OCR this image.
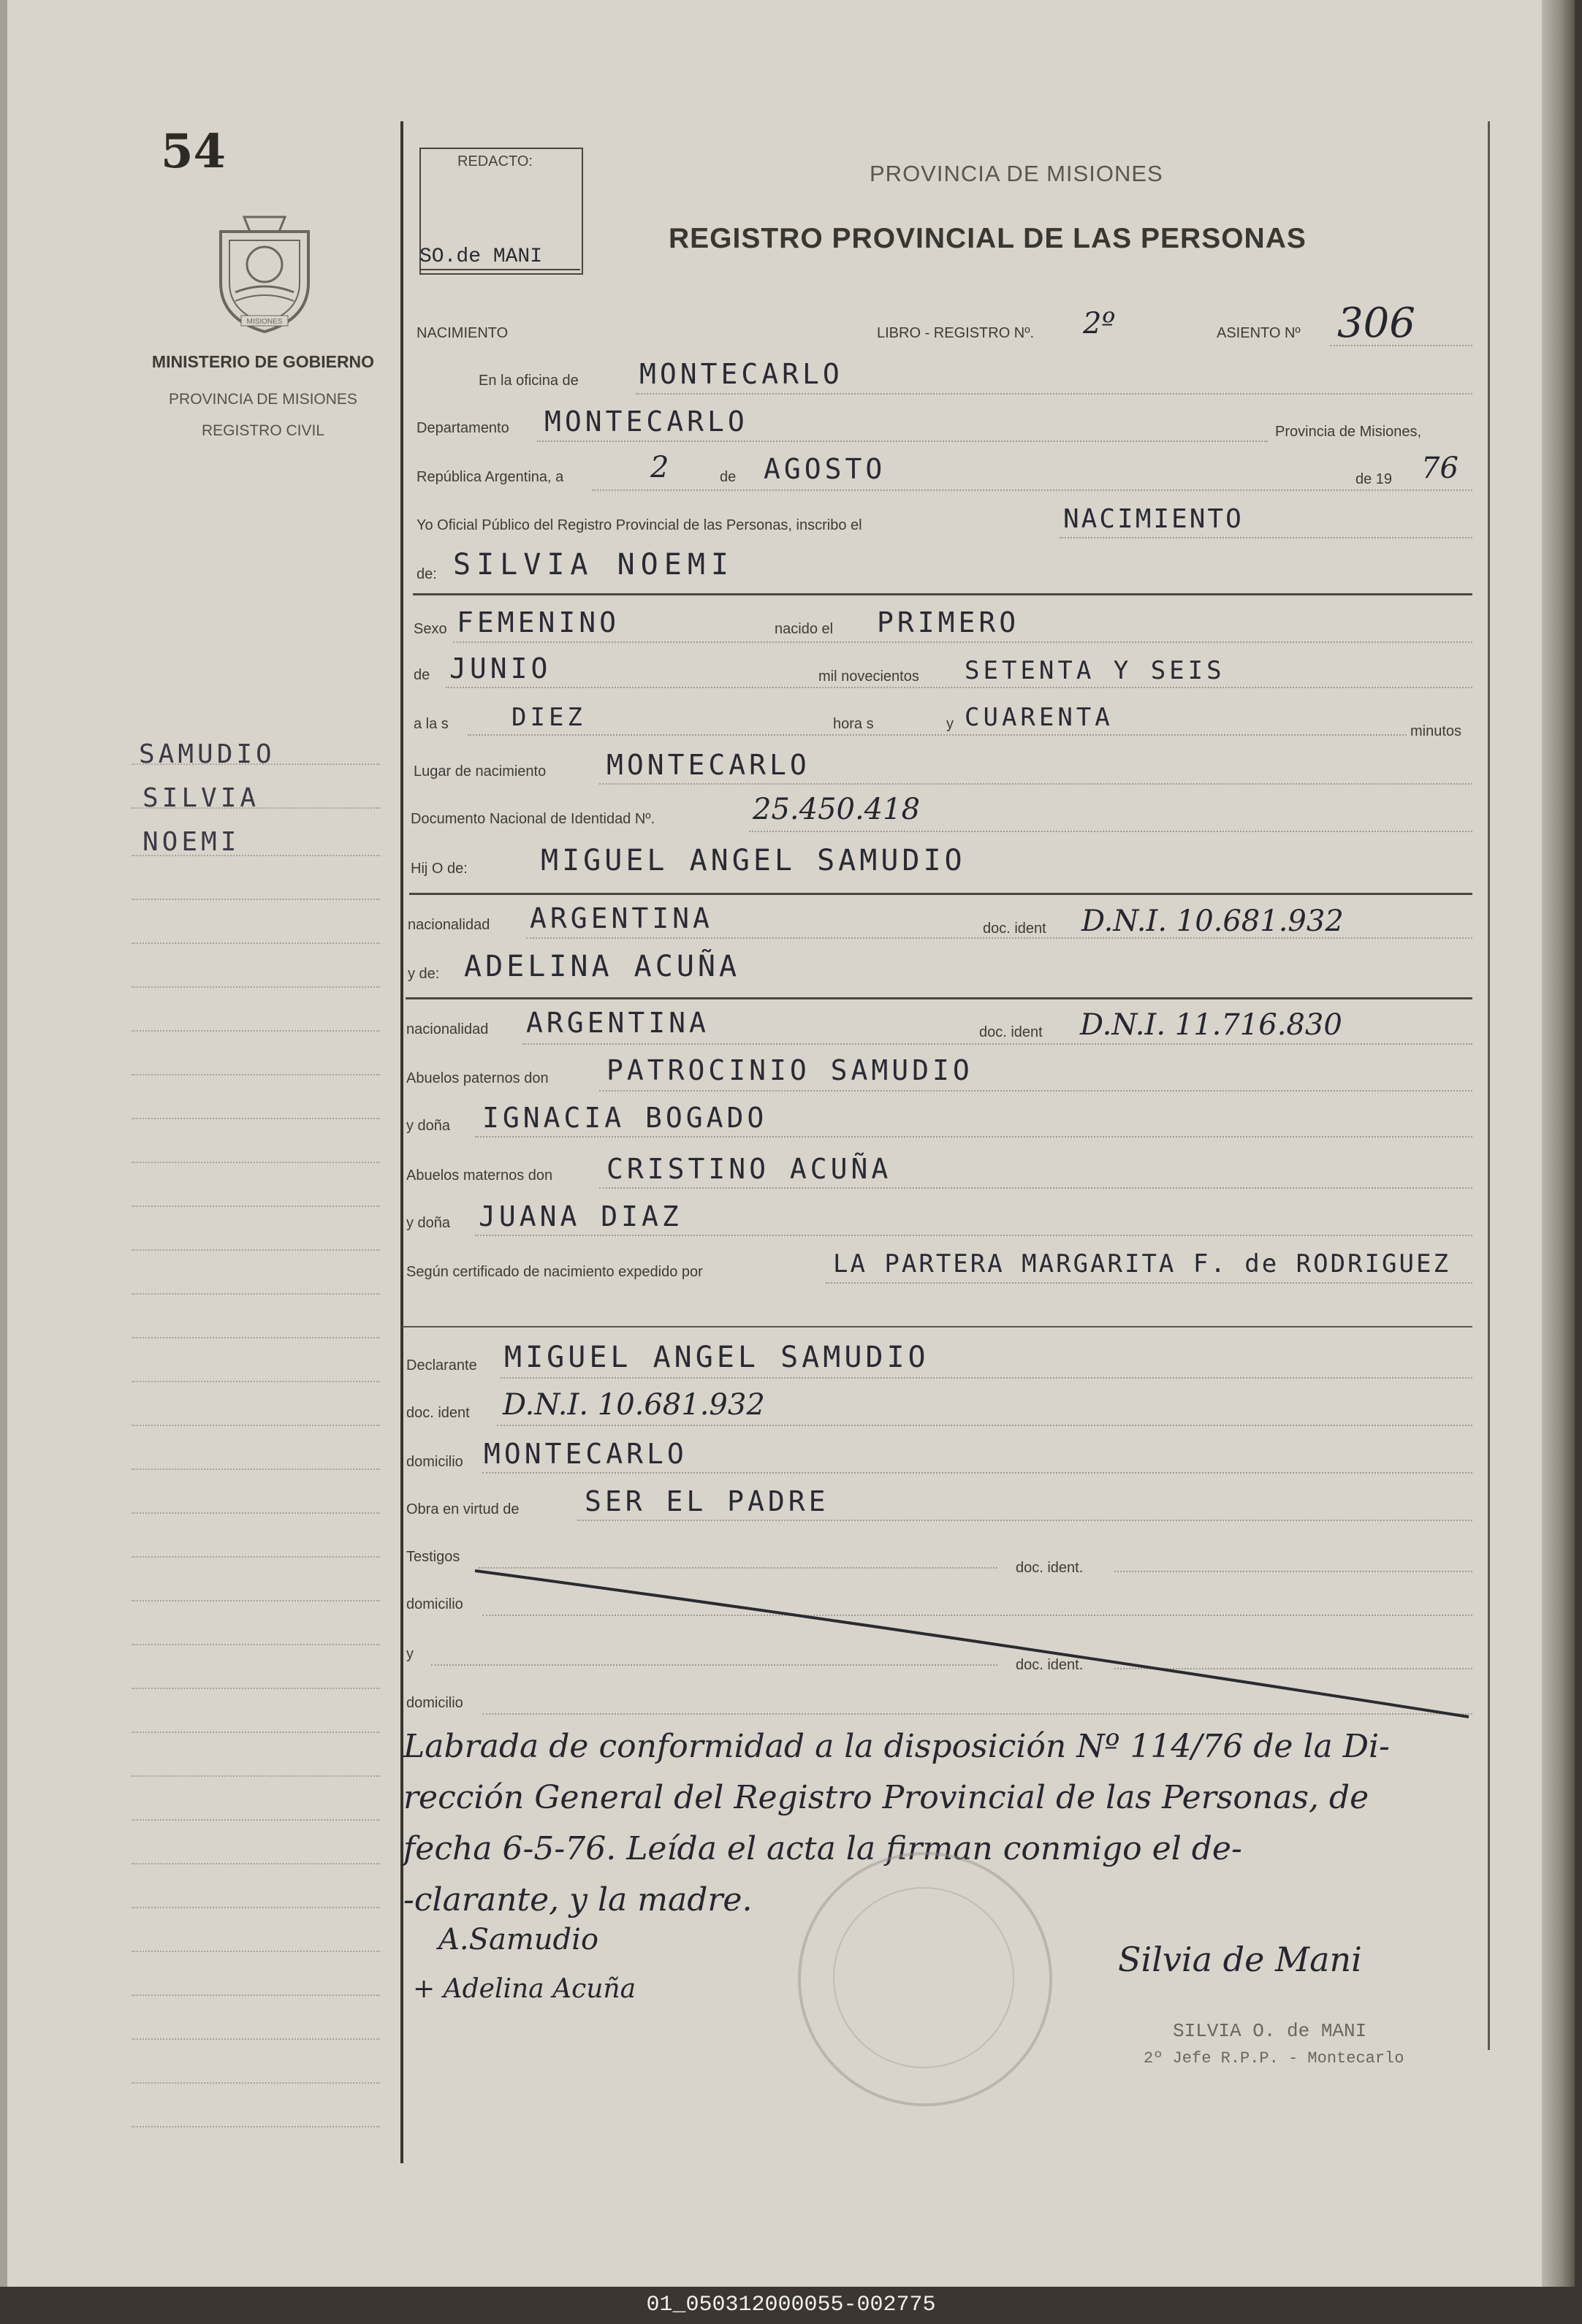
54
MISIONES
MINISTERIO DE GOBIERNO
PROVINCIA DE MISIONES
REGISTRO CIVIL
SAMUDIO
SILVIA
NOEMI
REDACTO:
SO.de MANI
PROVINCIA DE MISIONES
REGISTRO PROVINCIAL DE LAS PERSONAS
NACIMIENTO	LIBRO - REGISTRO Nº. 2º	ASIENTO Nº 306
En la oficina de MONTECARLO
Departamento MONTECARLO	Provincia de Misiones,
República Argentina, a	2	de AGOSTO	de 19 76
Yo Oficial Público del Registro Provincial de las Personas, inscribo el	NACIMIENTO
de: SILVIA NOEMI
Sexo FEMENINO	nacido el PRIMERO
de JUNIO	mil novecientos SETENTA Y SEIS
a la s	DIEZ	hora s	y CUARENTA	minutos
Lugar de nacimiento MONTECARLO
Documento Nacional de Identidad Nº.	25.450.418
Hij O de:	MIGUEL ANGEL SAMUDIO
nacionalidad ARGENTINA	doc. ident D.N.I. 10.681.932
y de: ADELINA ACUÑA
nacionalidad ARGENTINA	doc. ident D.N.I. 11.716.830
Abuelos paternos don PATROCINIO SAMUDIO
y doña IGNACIA BOGADO
Abuelos maternos don CRISTINO ACUÑA
y doña JUANA DIAZ
Según certificado de nacimiento expedido por	LA PARTERA MARGARITA F. de RODRIGUEZ
Declarante MIGUEL ANGEL SAMUDIO
doc. ident D.N.I. 10.681.932
domicilio MONTECARLO
Obra en virtud de SER EL PADRE
Testigos
doc. ident.
domicilio
y
doc. ident.
domicilio
Labrada de conformidad a la disposición Nº 114/76 de la Di-
rección General del Registro Provincial de las Personas, de
fecha 6-5-76. Leída el acta la firman conmigo el de-
-clarante, y la madre.
A.Samudio
+ Adelina Acuña
Silvia de Mani
SILVIA O. de MANI
2º Jefe R.P.P. - Montecarlo
01_050312000055-002775
